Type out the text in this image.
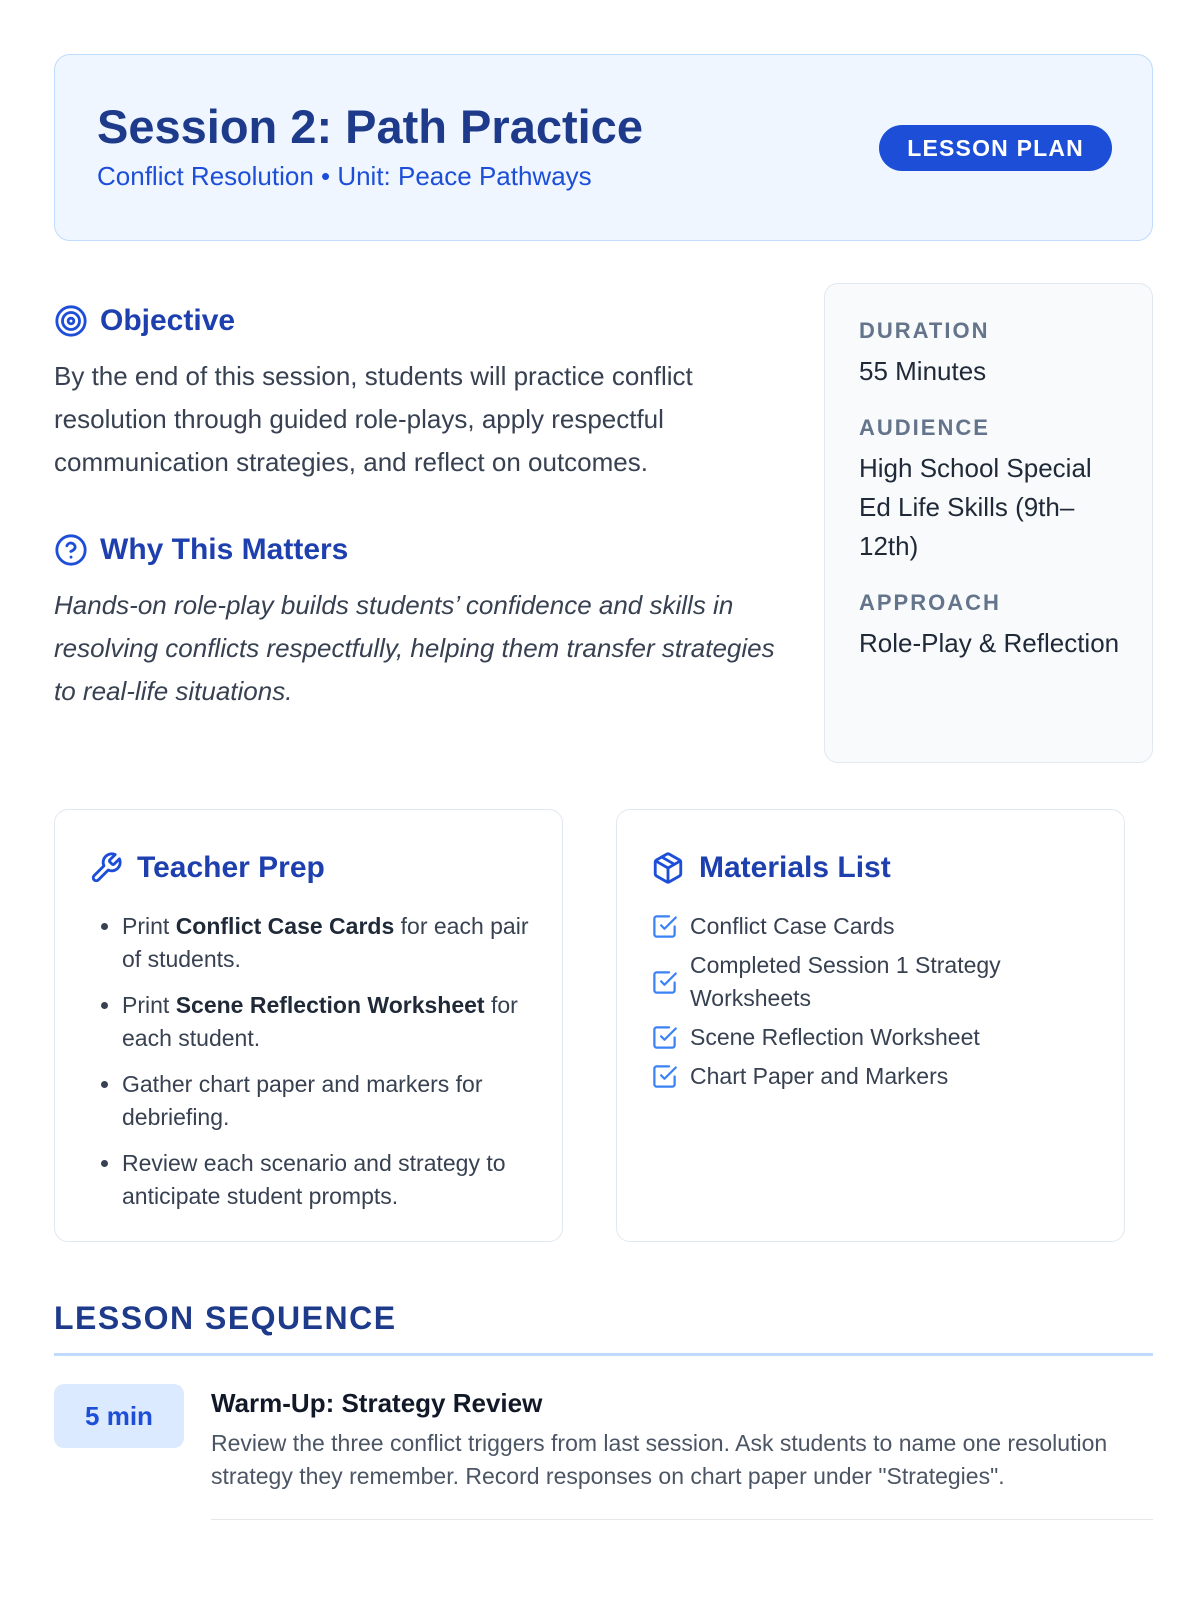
Session 2: Path Practice
Conflict Resolution • Unit: Peace Pathways
LESSON PLAN
Objective

By the end of this session, students will practice conflict resolution through guided role-plays, apply respectful communication strategies, and reflect on outcomes.

Why This Matters

Hands-on role-play builds students’ confidence and skills in resolving conflicts respectfully, helping them transfer strategies to real-life situations.

DURATION
55 Minutes
AUDIENCE
High School Special Ed Life Skills (9th–12th)
APPROACH
Role-Play & Reflection
Teacher Prep
• Print Conflict Case Cards for each pair of students.
• Print Scene Reflection Worksheet for each student.
• Gather chart paper and markers for debriefing.
• Review each scenario and strategy to anticipate student prompts.
Materials List
Conflict Case Cards
Completed Session 1 Strategy Worksheets
Scene Reflection Worksheet
Chart Paper and Markers
LESSON SEQUENCE
5 min	Warm-Up: Strategy Review
Review the three conflict triggers from last session. Ask students to name one resolution strategy they remember. Record responses on chart paper under "Strategies".
